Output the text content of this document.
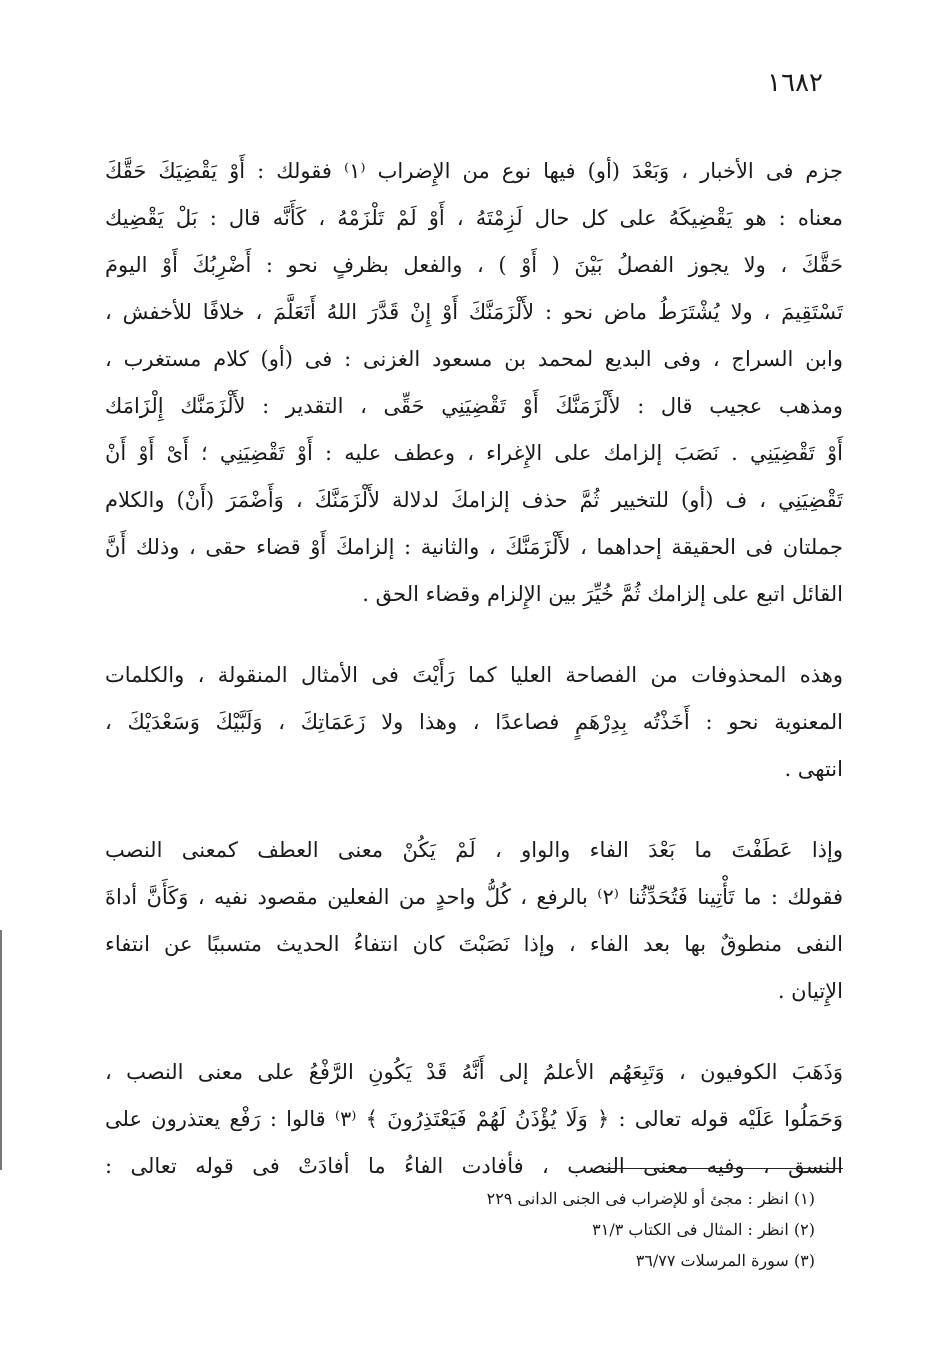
١٦٨٢

جزم فى الأخبار ، وَبَعْدَ (أو) فيها نوع من الإِضراب ⁽١⁾ فقولك : أَوْ يَقْضِيَكَ حَقَّكَ
معناه : هو يَقْضِيكَهُ على كل حال لَزِمْتَهُ ، أَوْ لَمْ تَلْزَمْهُ ، كَأَنَّه قال : بَلْ يَقْضِيك
حَقَّكَ ، ولا يجوز الفصلُ بَيْنَ ( أَوْ ) ، والفعل بظرفٍ نحو : أَضْرِبُكَ أَوْ اليومَ
تَسْتَقِيمَ ، ولا يُشْتَرَطُ ماض نحو : لأَلْزَمَنَّكَ أَوْ إِنْ قَدَّرَ اللهُ أَتَعَلَّمَ ، خلافًا للأخفش ،
وابن السراج ، وفى البديع لمحمد بن مسعود الغزنى : فى (أو) كلام مستغرب ،
ومذهب عجيب قال : لأَلْزَمَنَّكَ أَوْ تَقْضِيَنِي حَقِّى ، التقدير : لأَلْزَمَنَّك إِلْزَامَك
أَوْ تَقْضِيَنِي . نَصَبَ إلزامك على الإِغراء ، وعطف عليه : أَوْ تَقْضِيَنِي ؛ أَىْ أَوْ أَنْ
تَقْضِيَنِي ، ف (أو) للتخيير ثُمَّ حذف إلزامكَ لدلالة لأَلْزَمَنَّكَ ، وَأَضْمَرَ (أَنْ) والكلام
جملتان فى الحقيقة إحداهما ، لأَلْزَمَنَّكَ ، والثانية : إلزامكَ أَوْ قضاء حقى ، وذلك أَنَّ
القائل اتبع على إلزامك ثُمَّ خُيِّرَ بين الإِلزام وقضاء الحق .

وهذه المحذوفات من الفصاحة العليا كما رَأَيْتَ فى الأمثال المنقولة ، والكلمات
المعنوية نحو : أَخَذْتُه بِدِرْهَمٍ فصاعدًا ، وهذا ولا زَعَمَاتِكَ ، وَلَبَّيْكَ وَسَعْدَيْكَ ،
انتهى .

وإذا عَطَفْتَ ما بَعْدَ الفاء والواو ، لَمْ يَكُنْ معنى العطف كمعنى النصب
فقولك : ما تَأْتِينا فَتُحَدِّثُنا ⁽٢⁾ بالرفع ، كُلُّ واحدٍ من الفعلين مقصود نفيه ، وَكَأَنَّ أداةَ
النفى منطوقٌ بها بعد الفاء ، وإذا نَصَبْتَ كان انتفاءُ الحديث متسببًا عن انتفاء
الإِتيان .

وَذَهَبَ الكوفيون ، وَتَبِعَهُم الأعلمُ إلى أَنَّهُ قَدْ يَكُونِ الرَّفْعُ على معنى النصب ،
وَحَمَلُوا عَلَيْه قوله تعالى : ﴿ وَلَا يُؤْذَنُ لَهُمْ فَيَعْتَذِرُونَ ﴾ ⁽٣⁾ قالوا : رَفْع يعتذرون على
النسق ، وفيه معنى النصب ، فأفادت الفاءُ ما أفادَتْ فى قوله تعالى :

(١) انظر : مجئ أو للإضراب فى الجنى الدانى ٢٢٩
(٢) انظر : المثال فى الكتاب ٣١/٣
(٣) سورة المرسلات ٣٦/٧٧
